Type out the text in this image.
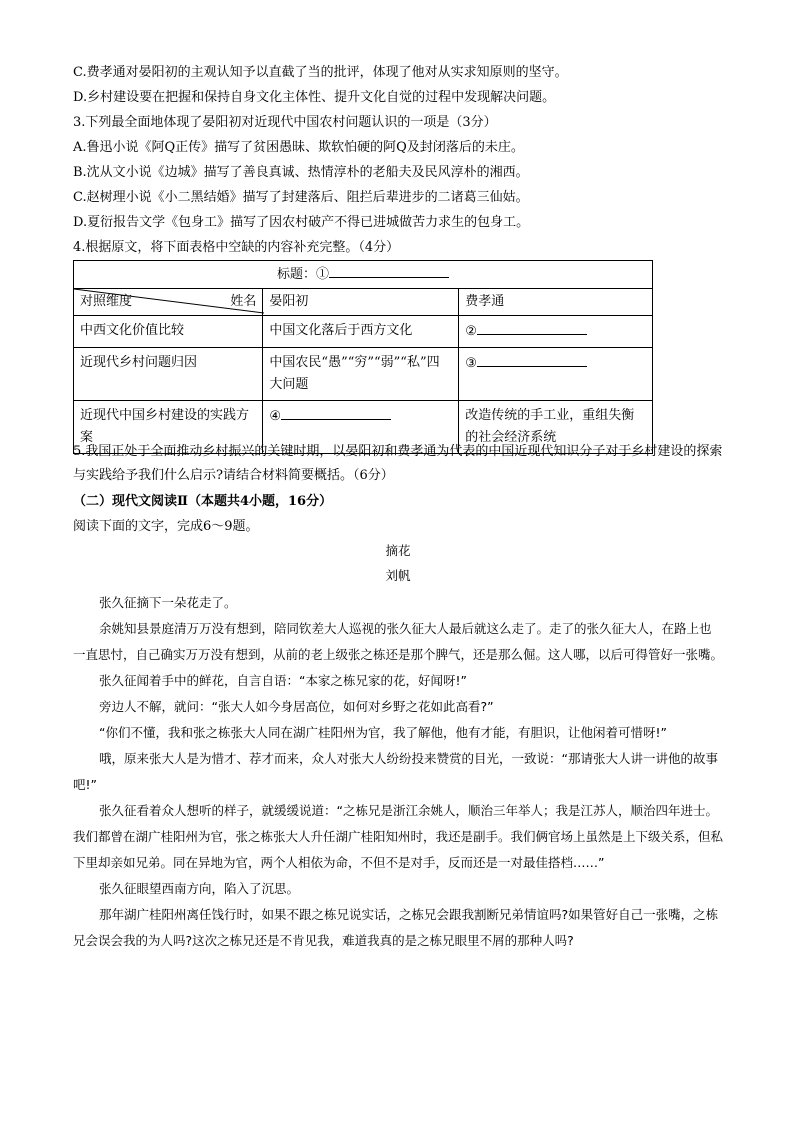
C.费孝通对晏阳初的主观认知予以直截了当的批评，体现了他对从实求知原则的坚守。
D.乡村建设要在把握和保持自身文化主体性、提升文化自觉的过程中发现解决问题。
3.下列最全面地体现了晏阳初对近现代中国农村问题认识的一项是（3分）
A.鲁迅小说《阿Q正传》描写了贫困愚昧、欺软怕硬的阿Q及封闭落后的未庄。
B.沈从文小说《边城》描写了善良真诚、热情淳朴的老船夫及民风淳朴的湘西。
C.赵树理小说《小二黑结婚》描写了封建落后、阻拦后辈进步的二诸葛三仙姑。
D.夏衍报告文学《包身工》描写了因农村破产不得已进城做苦力求生的包身工。
4.根据原文，将下面表格中空缺的内容补充完整。（4分）
标题：①		

对照维度 姓名	晏阳初	费孝通
中西文化价值比较	中国文化落后于西方文化	②
近现代乡村问题归因	中国农民“愚”“穷”“弱”“私”四大问题	③
近现代中国乡村建设的实践方案	④	改造传统的手工业，重组失衡的社会经济系统
5.我国正处于全面推动乡村振兴的关键时期，以晏阳初和费孝通为代表的中国近现代知识分子对于乡村建设的探索与实践给予我们什么启示?请结合材料简要概括。（6分）
（二）现代文阅读Ⅱ（本题共4小题，16分）
阅读下面的文字，完成6～9题。
摘花
刘帆
张久征摘下一朵花走了。
余姚知县景庭清万万没有想到，陪同钦差大人巡视的张久征大人最后就这么走了。走了的张久征大人，在路上也一直思忖，自己确实万万没有想到，从前的老上级张之栋还是那个脾气，还是那么倔。这人哪，以后可得管好一张嘴。
张久征闻着手中的鲜花，自言自语：“本家之栋兄家的花，好闻呀!”
旁边人不解，就问：“张大人如今身居高位，如何对乡野之花如此高看?”
“你们不懂，我和张之栋张大人同在湖广桂阳州为官，我了解他，他有才能，有胆识，让他闲着可惜呀!”
哦，原来张大人是为惜才、荐才而来，众人对张大人纷纷投来赞赏的目光，一致说：“那请张大人讲一讲他的故事吧!”
张久征看着众人想听的样子，就缓缓说道：“之栋兄是浙江余姚人，顺治三年举人；我是江苏人，顺治四年进士。我们都曾在湖广桂阳州为官，张之栋张大人升任湖广桂阳知州时，我还是副手。我们俩官场上虽然是上下级关系，但私下里却亲如兄弟。同在异地为官，两个人相依为命，不但不是对手，反而还是一对最佳搭档……”
张久征眼望西南方向，陷入了沉思。
那年湖广桂阳州离任饯行时，如果不跟之栋兄说实话，之栋兄会跟我割断兄弟情谊吗?如果管好自己一张嘴，之栋兄会误会我的为人吗?这次之栋兄还是不肯见我，难道我真的是之栋兄眼里不屑的那种人吗?
